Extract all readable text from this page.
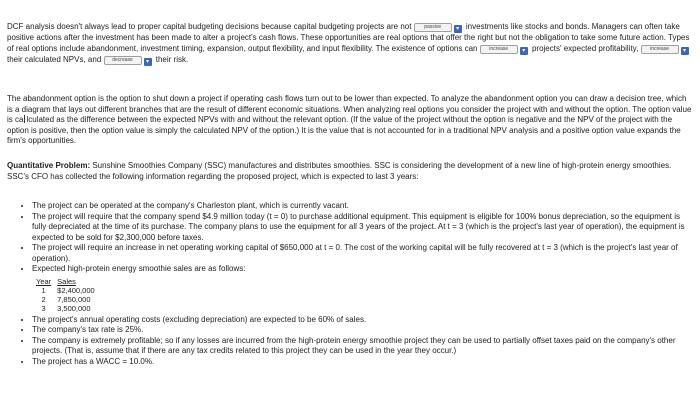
DCF analysis doesn't always lead to proper capital budgeting decisions because capital budgeting projects are not	passive	▾ investments like stocks and bonds. Managers can often take positive actions after the investment has been made to alter a project's cash flows. These opportunities are real options that offer the right but not the obligation to take some future action. Types of real options include abandonment, investment timing, expansion, output flexibility, and input flexibility. The existence of options can increase ▾ projects' expected profitability, increase ▾ their calculated NPVs, and decrease ▾ their risk.

The abandonment option is the option to shut down a project if operating cash flows turn out to be lower than expected. To analyze the abandonment option you can draw a decision tree, which is a diagram that lays out different branches that are the result of different economic situations. When analyzing real options you consider the project with and without the option. The option value is ca lculated as the difference between the expected NPVs with and without the relevant option. (If the value of the project without the option is negative and the NPV of the project with the option is positive, then the option value is simply the calculated NPV of the option.) It is the value that is not accounted for in a traditional NPV analysis and a positive option value expands the firm's opportunities.

Quantitative Problem: Sunshine Smoothies Company (SSC) manufactures and distributes smoothies. SSC is considering the development of a new line of high-protein energy smoothies. SSC's CFO has collected the following information regarding the proposed project, which is expected to last 3 years:

• The project can be operated at the company's Charleston plant, which is currently vacant.
• The project will require that the company spend $4.9 million today (t = 0) to purchase additional equipment. This equipment is eligible for 100% bonus depreciation, so the equipment is fully depreciated at the time of its purchase. The company plans to use the equipment for all 3 years of the project. At t = 3 (which is the project's last year of operation), the equipment is expected to be sold for $2,300,000 before taxes.
• The project will require an increase in net operating working capital of $650,000 at t = 0. The cost of the working capital will be fully recovered at t = 3 (which is the project's last year of operation).
• Expected high-protein energy smoothie sales are as follows:
Year	Sales
1	$2,400,000
2	7,850,000
3	3,500,000
• The project's annual operating costs (excluding depreciation) are expected to be 60% of sales.
• The company's tax rate is 25%.
• The company is extremely profitable; so if any losses are incurred from the high-protein energy smoothie project they can be used to partially offset taxes paid on the company's other projects. (That is, assume that if there are any tax credits related to this project they can be used in the year they occur.)
• The project has a WACC = 10.0%.
